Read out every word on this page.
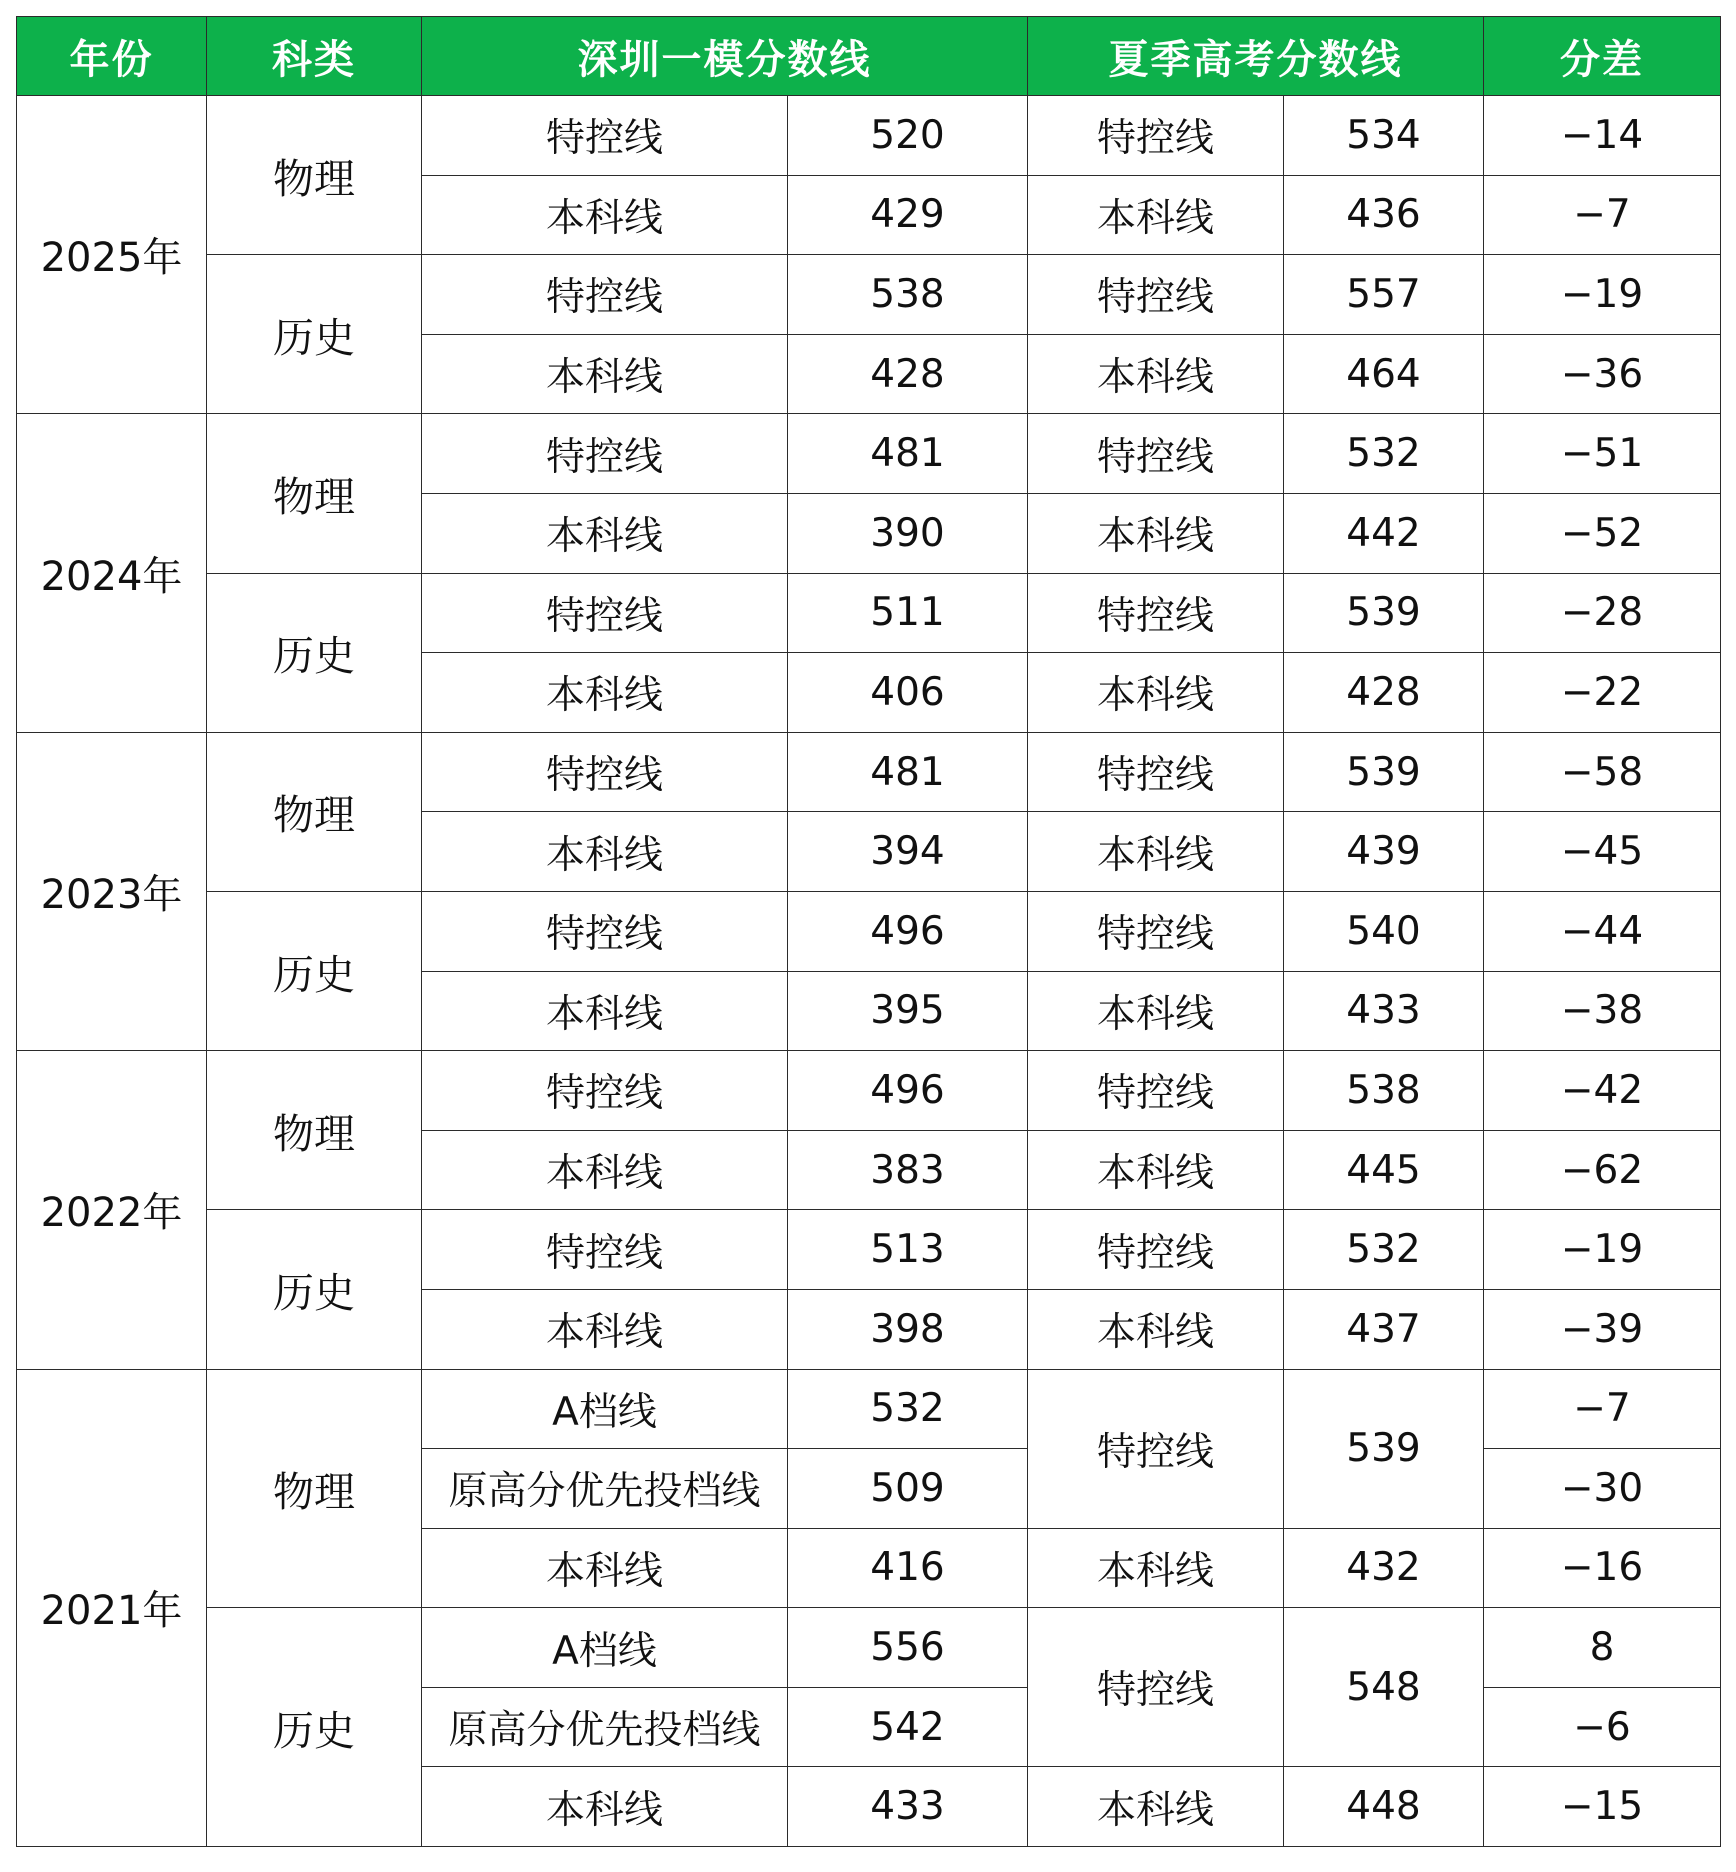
年份	科类	深圳一模分数线		夏季高考分数线		分差
2025年	物理	特控线	520	特控线	534	−14
		本科线	429	本科线	436	−7
	历史	特控线	538	特控线	557	−19
		本科线	428	本科线	464	−36
2024年	物理	特控线	481	特控线	532	−51
		本科线	390	本科线	442	−52
	历史	特控线	511	特控线	539	−28
		本科线	406	本科线	428	−22
2023年	物理	特控线	481	特控线	539	−58
		本科线	394	本科线	439	−45
	历史	特控线	496	特控线	540	−44
		本科线	395	本科线	433	−38
2022年	物理	特控线	496	特控线	538	−42
		本科线	383	本科线	445	−62
	历史	特控线	513	特控线	532	−19
		本科线	398	本科线	437	−39
2021年	物理	A档线	532	特控线	539	−7
		原高分优先投档线	509			−30
		本科线	416	本科线	432	−16
	历史	A档线	556	特控线	548	8
		原高分优先投档线	542			−6
		本科线	433	本科线	448	−15
